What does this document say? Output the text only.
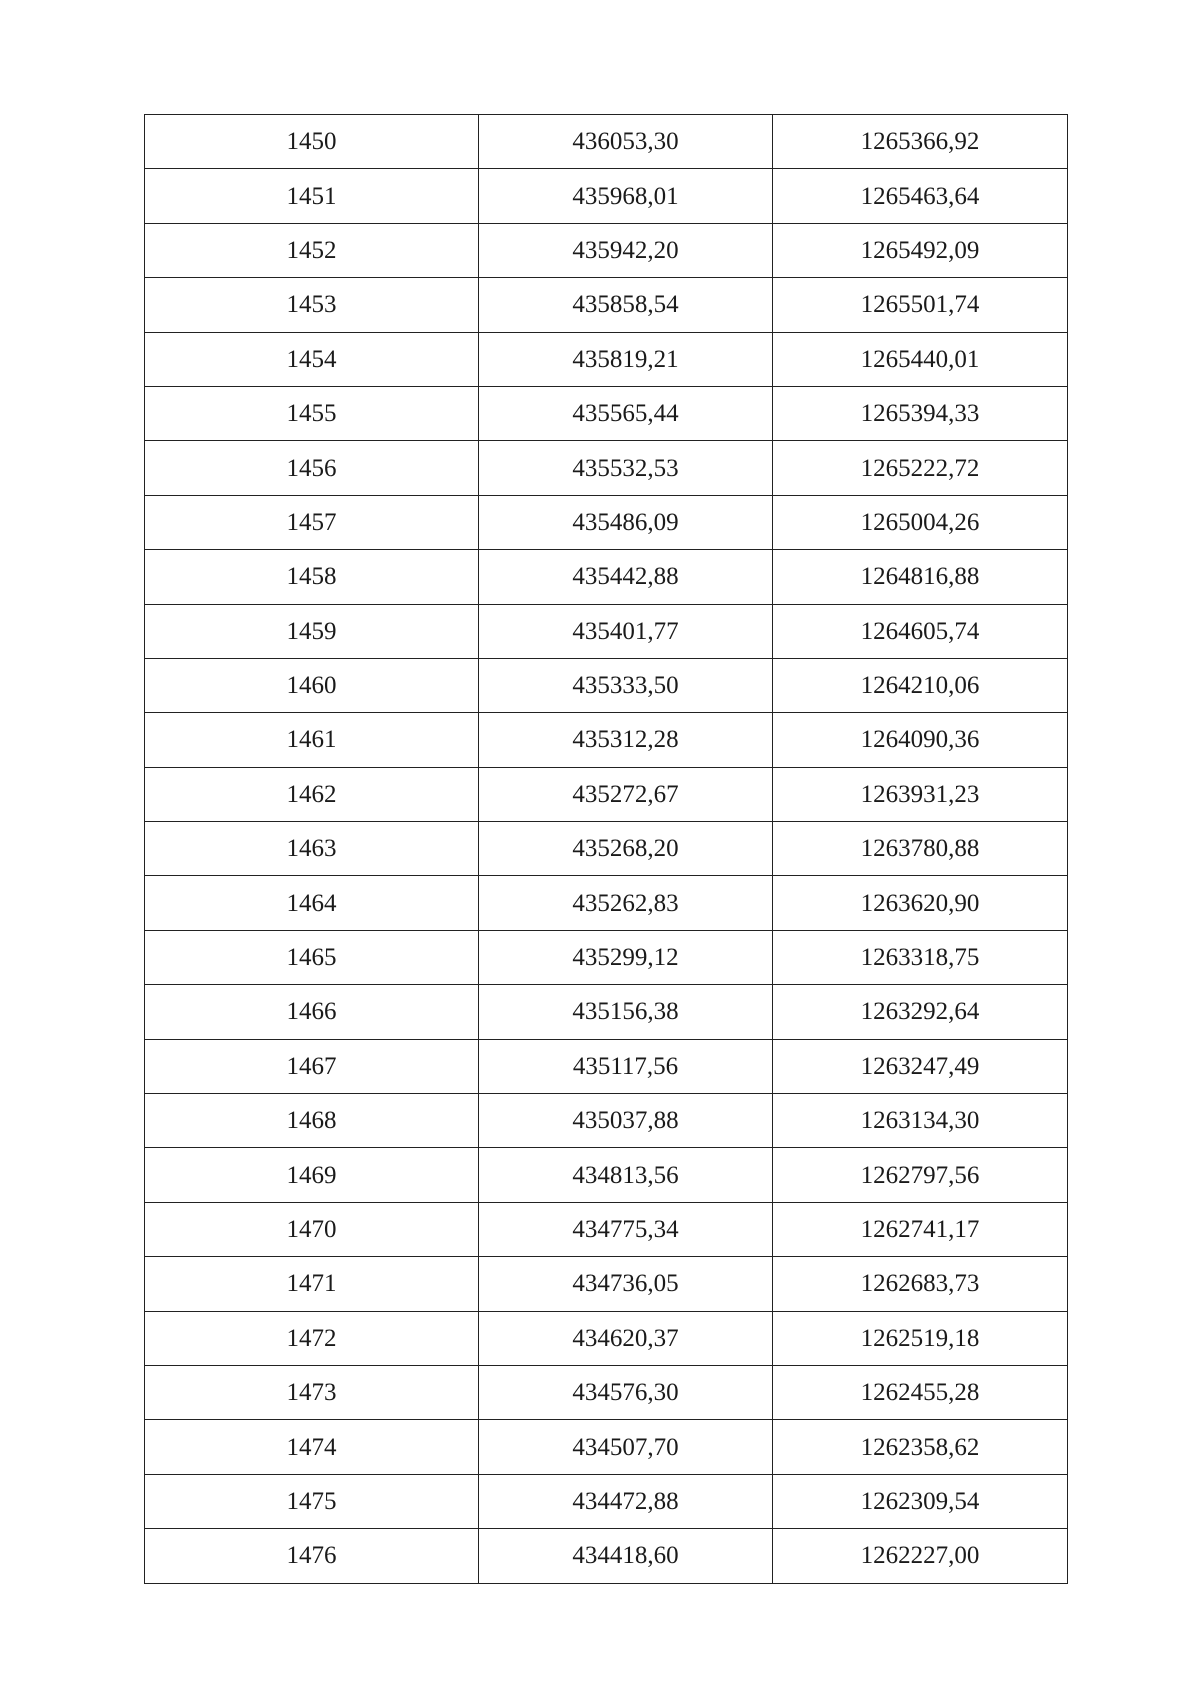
1450	436053,30	1265366,92
1451	435968,01	1265463,64
1452	435942,20	1265492,09
1453	435858,54	1265501,74
1454	435819,21	1265440,01
1455	435565,44	1265394,33
1456	435532,53	1265222,72
1457	435486,09	1265004,26
1458	435442,88	1264816,88
1459	435401,77	1264605,74
1460	435333,50	1264210,06
1461	435312,28	1264090,36
1462	435272,67	1263931,23
1463	435268,20	1263780,88
1464	435262,83	1263620,90
1465	435299,12	1263318,75
1466	435156,38	1263292,64
1467	435117,56	1263247,49
1468	435037,88	1263134,30
1469	434813,56	1262797,56
1470	434775,34	1262741,17
1471	434736,05	1262683,73
1472	434620,37	1262519,18
1473	434576,30	1262455,28
1474	434507,70	1262358,62
1475	434472,88	1262309,54
1476	434418,60	1262227,00
